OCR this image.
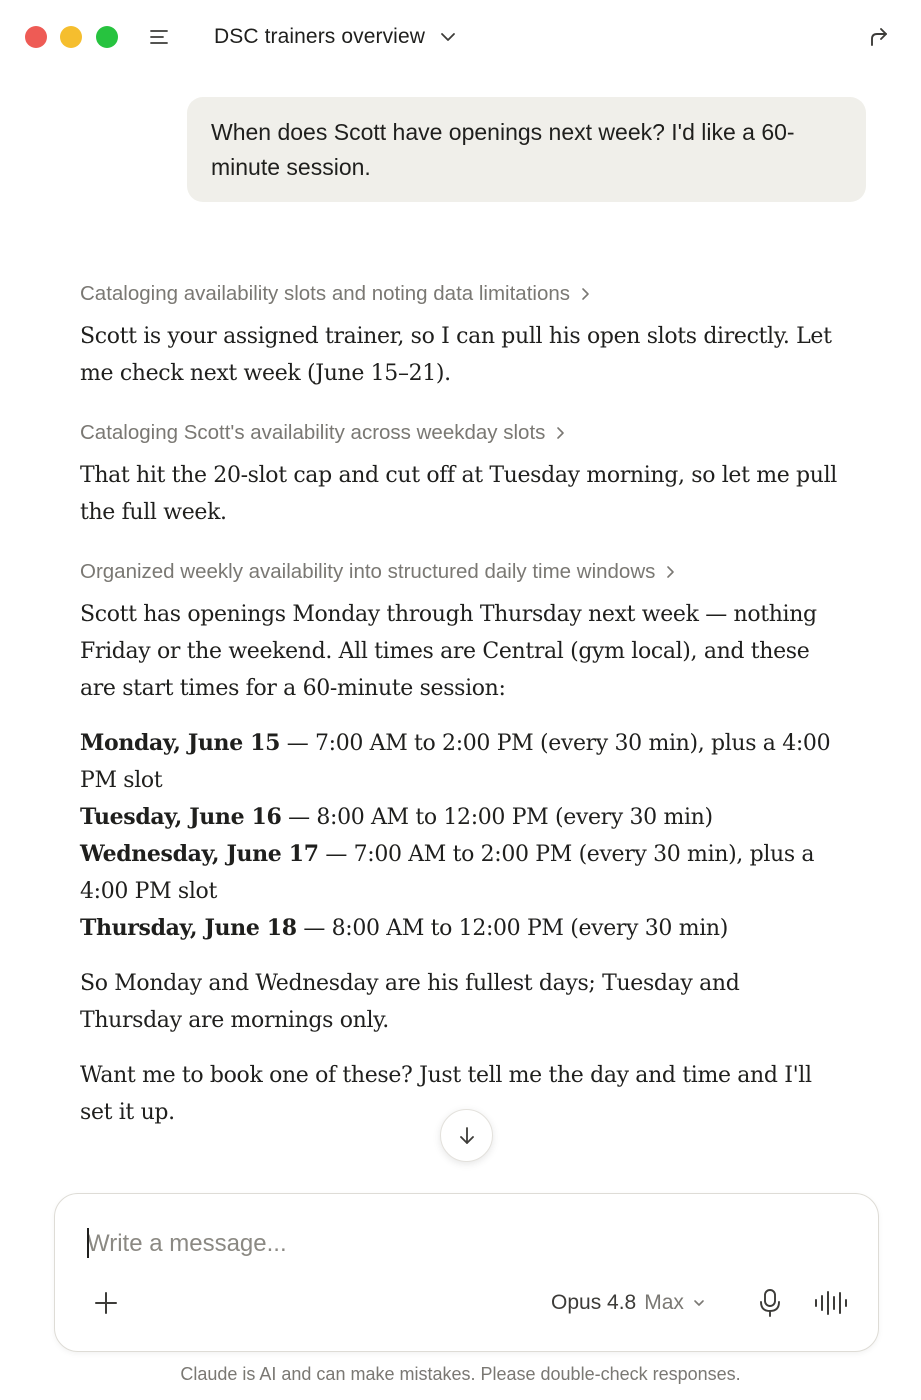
DSC trainers overview

When does Scott have openings next week? I'd like a 60-minute session.

Cataloging availability slots and noting data limitations

Scott is your assigned trainer, so I can pull his open slots directly. Let me check next week (June 15–21).

Cataloging Scott's availability across weekday slots

That hit the 20-slot cap and cut off at Tuesday morning, so let me pull the full week.

Organized weekly availability into structured daily time windows

Scott has openings Monday through Thursday next week — nothing Friday or the weekend. All times are Central (gym local), and these are start times for a 60-minute session:

Monday, June 15 — 7:00 AM to 2:00 PM (every 30 min), plus a 4:00 PM slot

Tuesday, June 16 — 8:00 AM to 12:00 PM (every 30 min)

Wednesday, June 17 — 7:00 AM to 2:00 PM (every 30 min), plus a 4:00 PM slot

Thursday, June 18 — 8:00 AM to 12:00 PM (every 30 min)

So Monday and Wednesday are his fullest days; Tuesday and Thursday are mornings only.

Want me to book one of these? Just tell me the day and time and I'll set it up.

Write a message...
Opus 4.8 Max
Claude is AI and can make mistakes. Please double-check responses.
